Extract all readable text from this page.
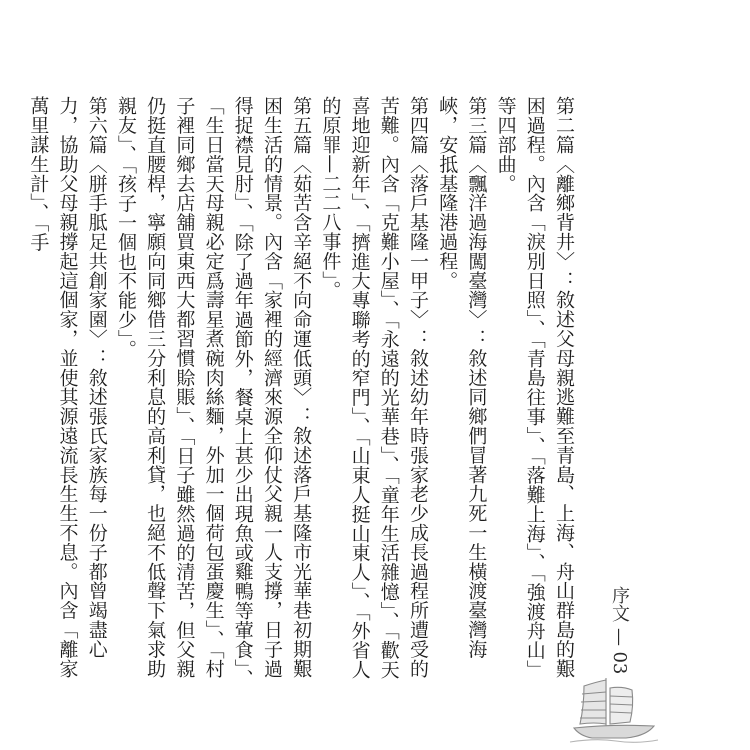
第二篇〈離鄉背井〉：敘述父母親逃難至青島、上海、舟山群島的艱困過程。內含「淚別日照」、「青島往事」、「落難上海」、「強渡舟山」等四部曲。

第三篇〈飄洋過海闖臺灣〉：敘述同鄉們冒著九死一生橫渡臺灣海峽，安抵基隆港過程。

第四篇〈落戶基隆一甲子〉：敘述幼年時張家老少成長過程所遭受的苦難。內含「克難小屋」、「永遠的光華巷」、「童年生活雜憶」、「歡天喜地迎新年」、「擠進大專聯考的窄門」、「山東人挺山東人」、「外省人的原罪—二二八事件」。

第五篇〈茹苦含辛絕不向命運低頭〉：敘述落戶基隆市光華巷初期艱困生活的情景。內含「家裡的經濟來源全仰仗父親一人支撐，日子過得捉襟見肘」、「除了過年過節外，餐桌上甚少出現魚或雞鴨等葷食」、「生日當天母親必定爲壽星煮碗肉絲麵，外加一個荷包蛋慶生」、「村子裡同鄉去店舖買東西大都習慣賒賬」、「日子雖然過的清苦，但父親仍挺直腰桿，寧願向同鄉借三分利息的高利貸，也絕不低聲下氣求助親友」、「孩子一個也不能少」。

第六篇〈胼手胝足共創家園〉：敘述張氏家族每一份子都曾竭盡心力，協助父母親撐起這個家，並使其源遠流長生生不息。內含「離家萬里謀生計」、「手

序文 — 03
